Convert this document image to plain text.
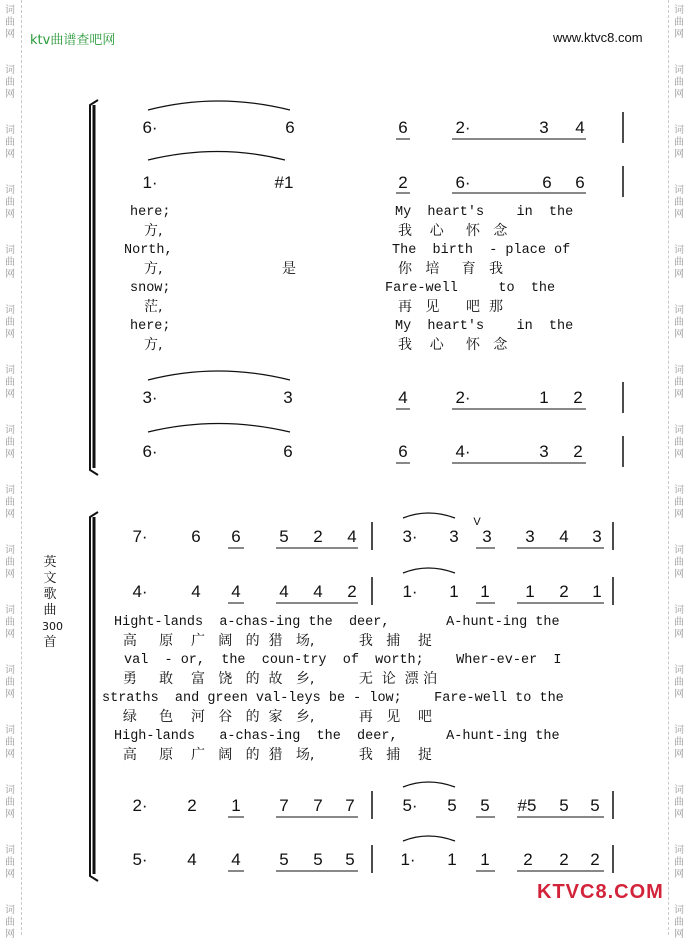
ktv曲谱查吧网	www.ktvc8.com
词
曲
网
词
曲
网
词
曲
网
词
曲
网
词
曲
网
词
曲
网
词
曲
网
词
曲
网
词
曲
网
词
曲
网
词
曲
网
词
曲
网
词
曲
网
词
曲
网
词
曲
网
词
曲
网
词
曲
网
词
曲
网
词
曲
网
词
曲
网
词
曲
网
词
曲
网
词
曲
网
词
曲
网
词
曲
网
词
曲
网
词
曲
网
词
曲
网
词
曲
网
词
曲
网
词
曲
网
词
曲
网
英
文
歌
曲
300
首
6·	6	6	2·	3 4
1·	#1	2	6·	6 6
here;	My  heart's    in  the
方,	我    心     怀   念
North,	The  birth  - place of
方,	是	你   培     育   我
snow;	Fare-well     to  the
茫,	再   见      吧  那
here;	My  heart's    in  the
方,	我    心     怀   念
3·	3	4	2·	1 2
6·	6	6	4·	3 2
7·	6 6 5 2 4	3· 3
V
3 3 4 3
4·	4 4 4 4 2	1· 1 1 1 2 1
Hight-lands  a-chas-ing the  deer,       A-hunt-ing the
高     原    广   阔   的  猎   场,          我   捕    捉
val  - or,  the  coun-try  of  worth;    Wher-ev-er  I
勇     敢    富   饶   的  故   乡,          无  论  漂 泊
straths  and green val-leys be - low;    Fare-well to the
绿     色    河   谷   的  家   乡,          再   见    吧
High-lands   a-chas-ing  the  deer,      A-hunt-ing the
高     原    广   阔   的  猎   场,          我   捕    捉
2· 2 1 7 7 7	5· 5 5 #5 5 5
5· 4 4 5 5 5	1· 1 1 2 2 2
KTVC8.COM
